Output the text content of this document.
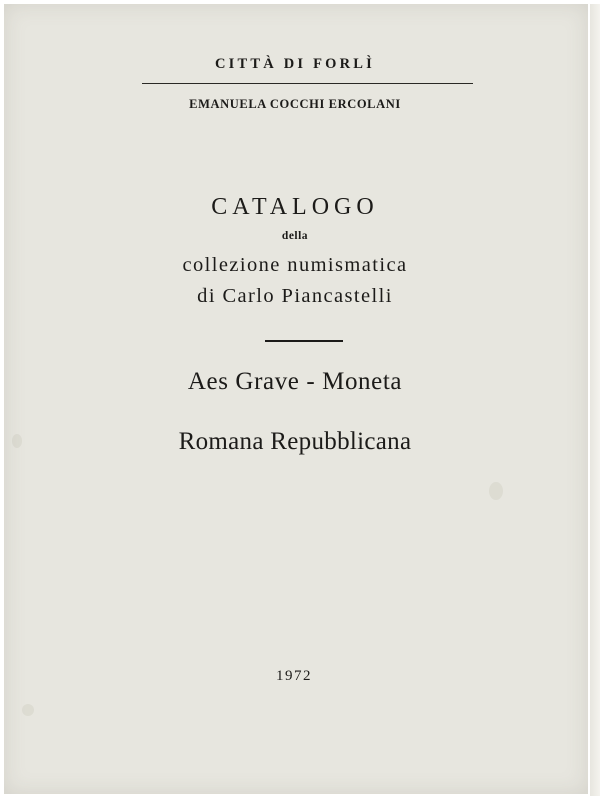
CITTÀ DI FORLÌ
EMANUELA COCCHI ERCOLANI
CATALOGO
della
collezione numismatica
di Carlo Piancastelli
Aes Grave - Moneta
Romana Repubblicana
1972
